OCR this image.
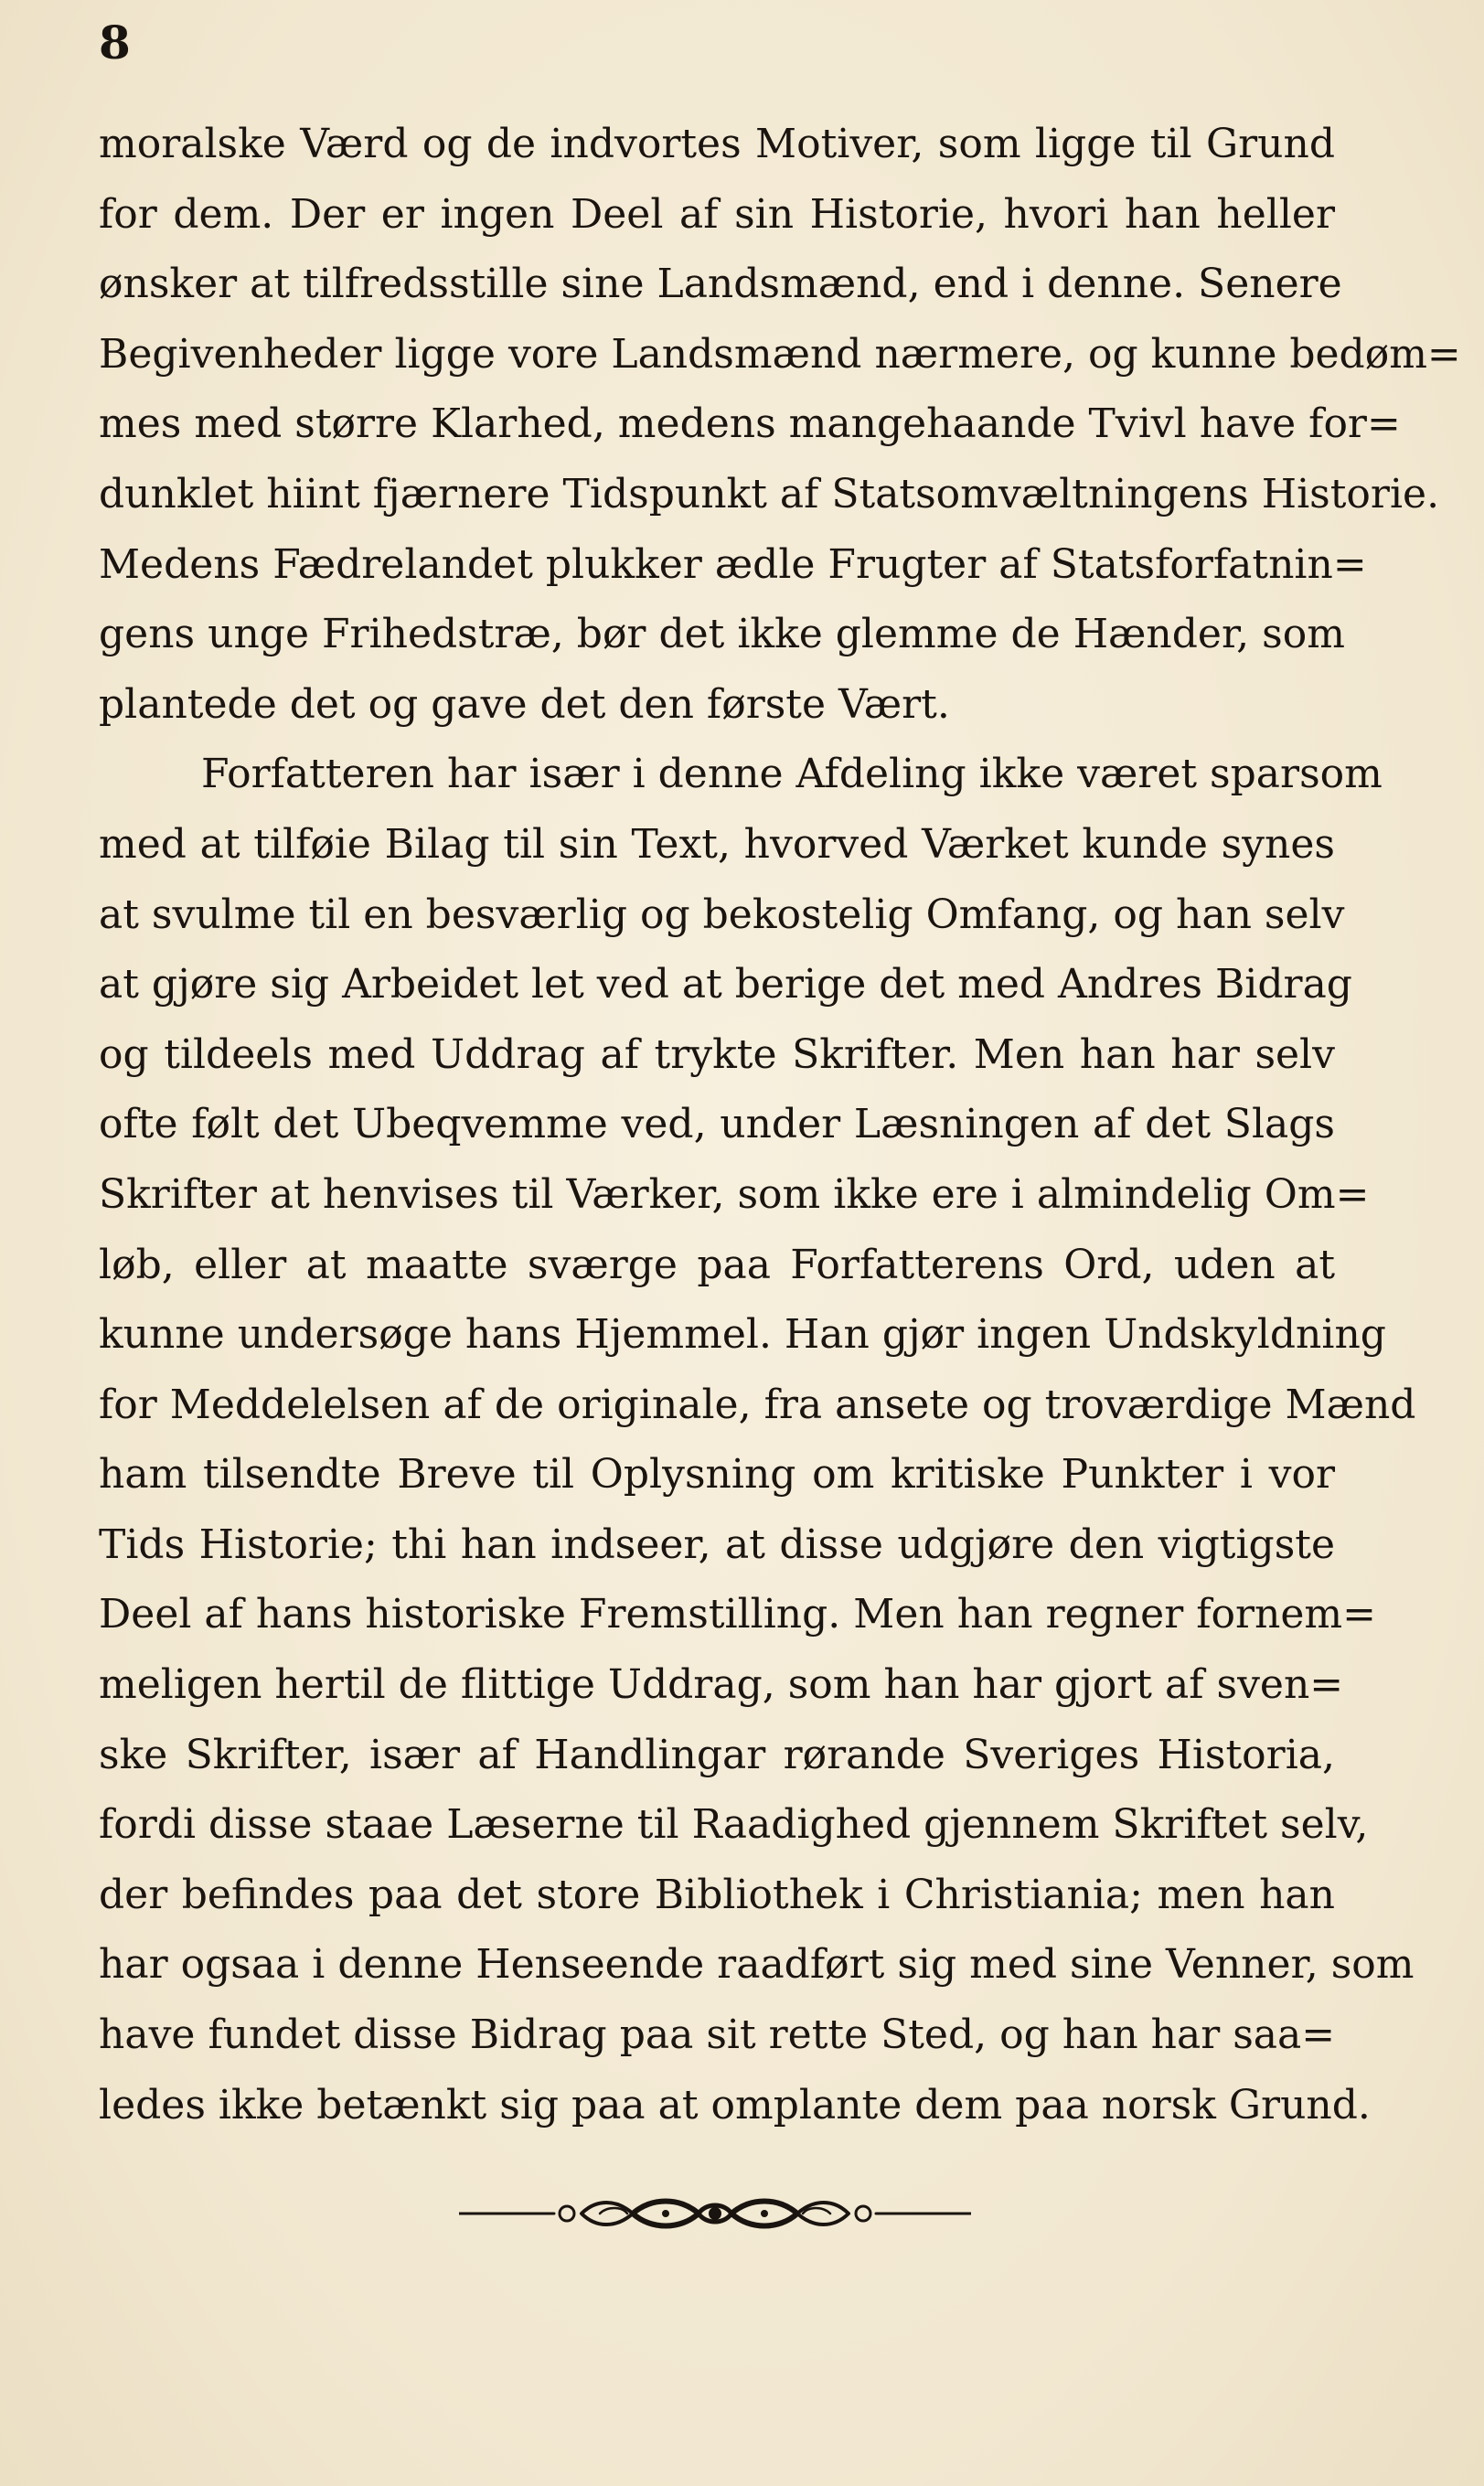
8
moralske Værd og de indvortes Motiver, som ligge til Grund
for dem. Der er ingen Deel af sin Historie, hvori han heller
ønsker at tilfredsstille sine Landsmænd, end i denne. Senere
Begivenheder ligge vore Landsmænd nærmere, og kunne bedøm=
mes med større Klarhed, medens mangehaande Tvivl have for=
dunklet hiint fjærnere Tidspunkt af Statsomvæltningens Historie.
Medens Fædrelandet plukker ædle Frugter af Statsforfatnin=
gens unge Frihedstræ, bør det ikke glemme de Hænder, som
plantede det og gave det den første Vært.
Forfatteren har især i denne Afdeling ikke været sparsom
med at tilføie Bilag til sin Text, hvorved Værket kunde synes
at svulme til en besværlig og bekostelig Omfang, og han selv
at gjøre sig Arbeidet let ved at berige det med Andres Bidrag
og tildeels med Uddrag af trykte Skrifter. Men han har selv
ofte følt det Ubeqvemme ved, under Læsningen af det Slags
Skrifter at henvises til Værker, som ikke ere i almindelig Om=
løb, eller at maatte sværge paa Forfatterens Ord, uden at
kunne undersøge hans Hjemmel. Han gjør ingen Undskyldning
for Meddelelsen af de originale, fra ansete og troværdige Mænd
ham tilsendte Breve til Oplysning om kritiske Punkter i vor
Tids Historie; thi han indseer, at disse udgjøre den vigtigste
Deel af hans historiske Fremstilling. Men han regner fornem=
meligen hertil de flittige Uddrag, som han har gjort af sven=
ske Skrifter, især af Handlingar rørande Sveriges Historia,
fordi disse staae Læserne til Raadighed gjennem Skriftet selv,
der befindes paa det store Bibliothek i Christiania; men han
har ogsaa i denne Henseende raadført sig med sine Venner, som
have fundet disse Bidrag paa sit rette Sted, og han har saa=
ledes ikke betænkt sig paa at omplante dem paa norsk Grund.
